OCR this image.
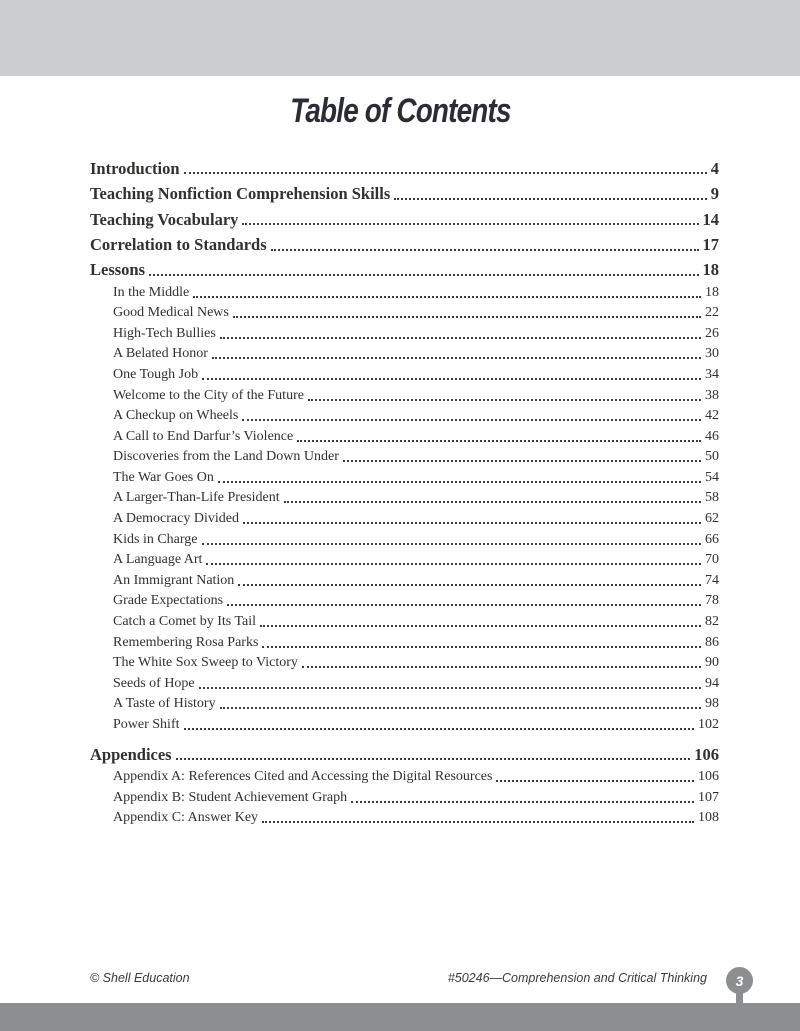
Table of Contents
Introduction	4
Teaching Nonfiction Comprehension Skills	9
Teaching Vocabulary	14
Correlation to Standards	17
Lessons	18
In the Middle	18
Good Medical News	22
High-Tech Bullies	26
A Belated Honor	30
One Tough Job	34
Welcome to the City of the Future	38
A Checkup on Wheels	42
A Call to End Darfur’s Violence	46
Discoveries from the Land Down Under	50
The War Goes On	54
A Larger-Than-Life President	58
A Democracy Divided	62
Kids in Charge	66
A Language Art	70
An Immigrant Nation	74
Grade Expectations	78
Catch a Comet by Its Tail	82
Remembering Rosa Parks	86
The White Sox Sweep to Victory	90
Seeds of Hope	94
A Taste of History	98
Power Shift	102
Appendices	106
Appendix A: References Cited and Accessing the Digital Resources	106
Appendix B: Student Achievement Graph	107
Appendix C: Answer Key	108
© Shell Education	#50246—Comprehension and Critical Thinking 3
